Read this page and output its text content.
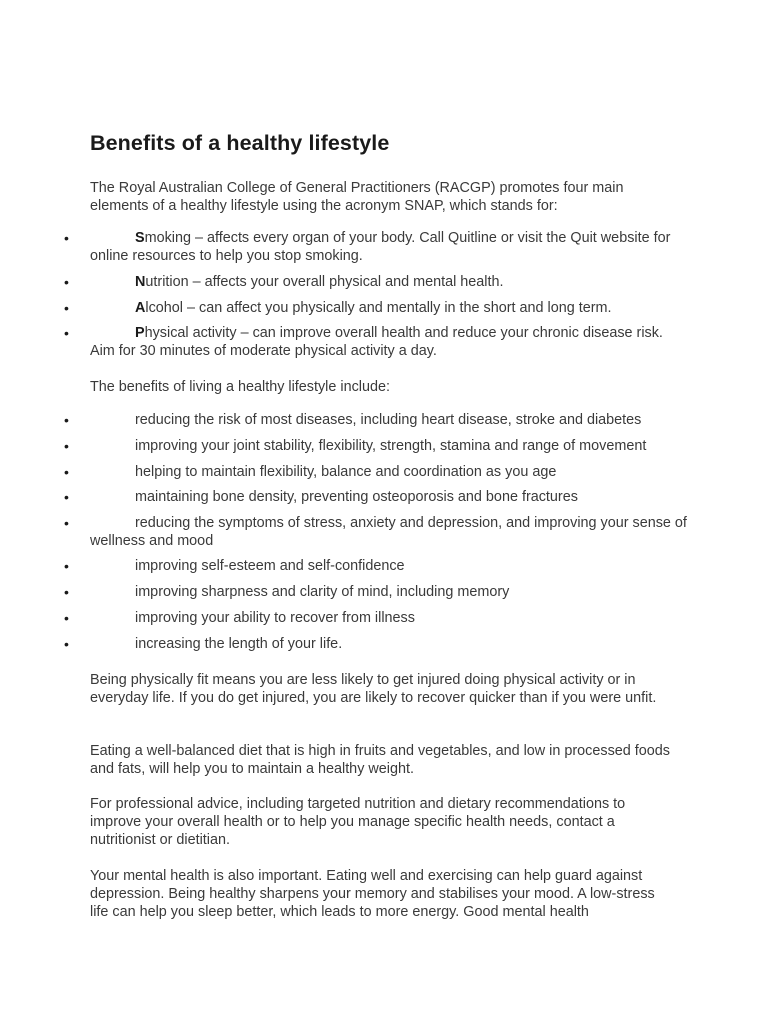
Benefits of a healthy lifestyle

The Royal Australian College of General Practitioners (RACGP) promotes four main elements of a healthy lifestyle using the acronym SNAP, which stands for:

•	Smoking – affects every organ of your body. Call Quitline or visit the Quit website for online resources to help you stop smoking.
•	Nutrition – affects your overall physical and mental health.
•	Alcohol – can affect you physically and mentally in the short and long term.
•	Physical activity – can improve overall health and reduce your chronic disease risk. Aim for 30 minutes of moderate physical activity a day.

The benefits of living a healthy lifestyle include:

•	reducing the risk of most diseases, including heart disease, stroke and diabetes
•	improving your joint stability, flexibility, strength, stamina and range of movement
•	helping to maintain flexibility, balance and coordination as you age
•	maintaining bone density, preventing osteoporosis and bone fractures
•	reducing the symptoms of stress, anxiety and depression, and improving your sense of wellness and mood
•	improving self-esteem and self-confidence
•	improving sharpness and clarity of mind, including memory
•	improving your ability to recover from illness
•	increasing the length of your life.

Being physically fit means you are less likely to get injured doing physical activity or in everyday life. If you do get injured, you are likely to recover quicker than if you were unfit.

Eating a well-balanced diet that is high in fruits and vegetables, and low in processed foods and fats, will help you to maintain a healthy weight.

For professional advice, including targeted nutrition and dietary recommendations to improve your overall health or to help you manage specific health needs, contact a nutritionist or dietitian.

Your mental health is also important. Eating well and exercising can help guard against depression. Being healthy sharpens your memory and stabilises your mood. A low-stress life can help you sleep better, which leads to more energy. Good mental health
